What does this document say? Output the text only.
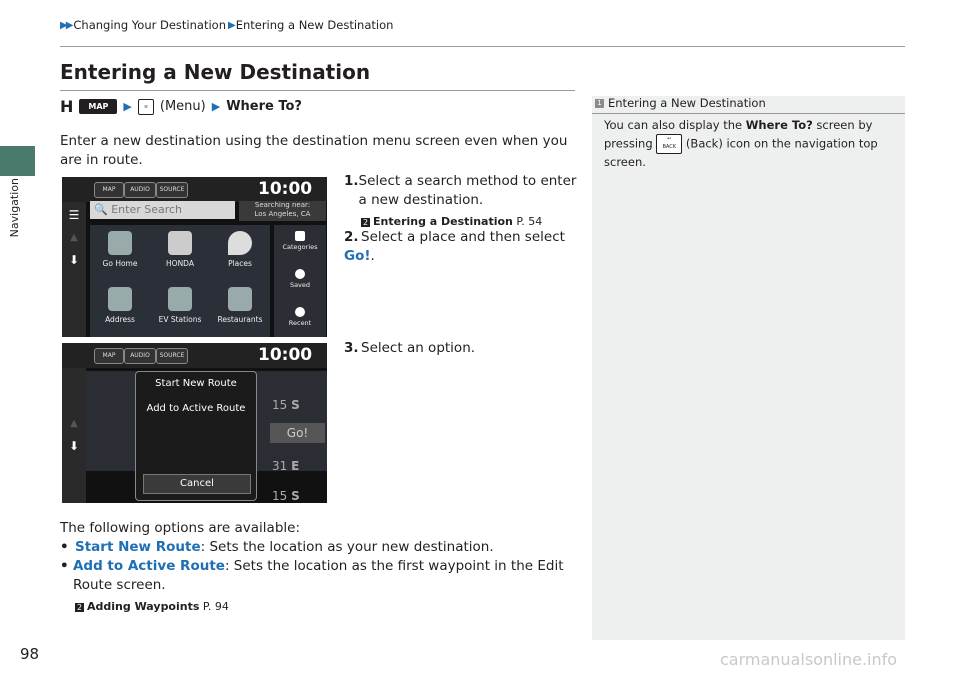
▶▶ Changing Your Destination ▶ Entering a New Destination
Navigation
Entering a New Destination
H	MAP	▶	☰ (Menu) ▶ Where To?
Enter a new destination using the destination menu screen even when you are in route.
MAP	AUDIO	SOURCE	10:00
☰
▲
⬇
🔍 Enter Search	Searching near:
Los Angeles, CA
Go Home	HONDA	Places
Address	EV Stations	Restaurants
Categories
Saved
Recent
1. Select a search method to enter a new destination.
2 Entering a Destination P. 54
2. Select a place and then select Go!.
3. Select an option.
MAP	AUDIO	SOURCE	10:00
▲
⬇
15 S
Go!
31 E
15 S
Start New Route
Add to Active Route
Cancel
The following options are available:
• Start New Route: Sets the location as your new destination.
• Add to Active Route: Sets the location as the first waypoint in the Edit Route screen.
2 Adding Waypoints P. 94
1 Entering a New Destination
You can also display the Where To? screen by pressing ↩
BACK (Back) icon on the navigation top screen.
98	carmanualsonline.info
